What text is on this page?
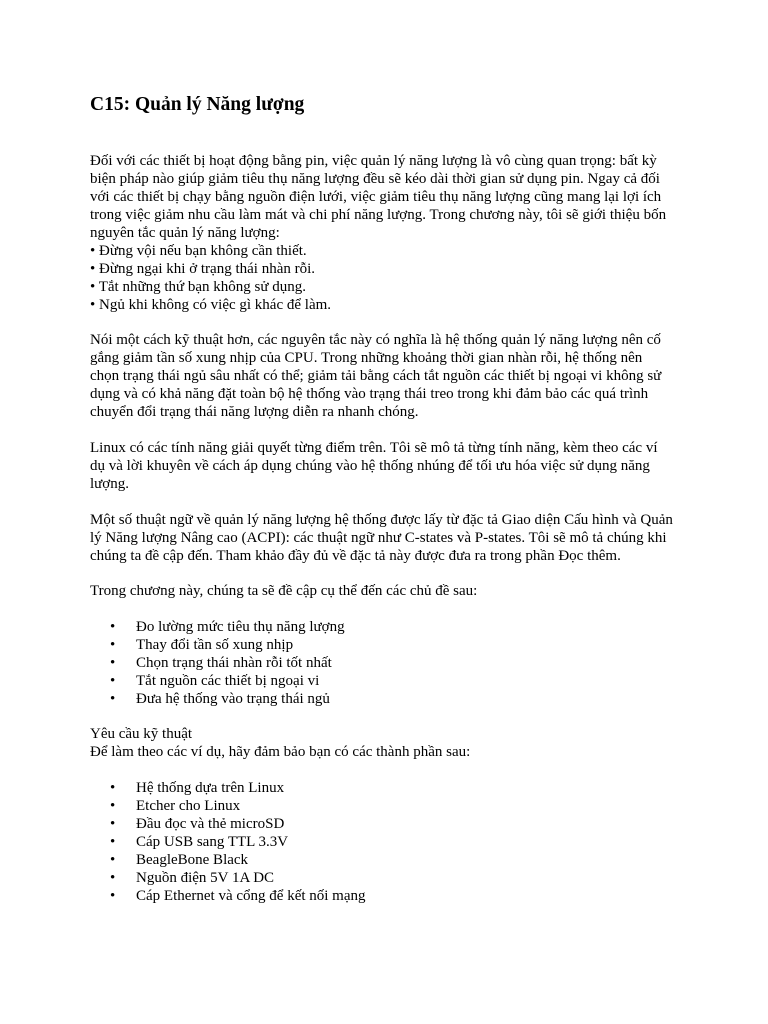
C15: Quản lý Năng lượng
Đối với các thiết bị hoạt động bằng pin, việc quản lý năng lượng là vô cùng quan trọng: bất kỳ
biện pháp nào giúp giảm tiêu thụ năng lượng đều sẽ kéo dài thời gian sử dụng pin. Ngay cả đối
với các thiết bị chạy bằng nguồn điện lưới, việc giảm tiêu thụ năng lượng cũng mang lại lợi ích
trong việc giảm nhu cầu làm mát và chi phí năng lượng. Trong chương này, tôi sẽ giới thiệu bốn
nguyên tắc quản lý năng lượng:
• Đừng vội nếu bạn không cần thiết.
• Đừng ngại khi ở trạng thái nhàn rỗi.
• Tắt những thứ bạn không sử dụng.
• Ngủ khi không có việc gì khác để làm.
Nói một cách kỹ thuật hơn, các nguyên tắc này có nghĩa là hệ thống quản lý năng lượng nên cố
gắng giảm tần số xung nhịp của CPU. Trong những khoảng thời gian nhàn rỗi, hệ thống nên
chọn trạng thái ngủ sâu nhất có thể; giảm tải bằng cách tắt nguồn các thiết bị ngoại vi không sử
dụng và có khả năng đặt toàn bộ hệ thống vào trạng thái treo trong khi đảm bảo các quá trình
chuyển đổi trạng thái năng lượng diễn ra nhanh chóng.
Linux có các tính năng giải quyết từng điểm trên. Tôi sẽ mô tả từng tính năng, kèm theo các ví
dụ và lời khuyên về cách áp dụng chúng vào hệ thống nhúng để tối ưu hóa việc sử dụng năng
lượng.
Một số thuật ngữ về quản lý năng lượng hệ thống được lấy từ đặc tả Giao diện Cấu hình và Quản
lý Năng lượng Nâng cao (ACPI): các thuật ngữ như C-states và P-states. Tôi sẽ mô tả chúng khi
chúng ta đề cập đến. Tham khảo đầy đủ về đặc tả này được đưa ra trong phần Đọc thêm.
Trong chương này, chúng ta sẽ đề cập cụ thể đến các chủ đề sau:
• Đo lường mức tiêu thụ năng lượng
• Thay đổi tần số xung nhịp
• Chọn trạng thái nhàn rỗi tốt nhất
• Tắt nguồn các thiết bị ngoại vi
• Đưa hệ thống vào trạng thái ngủ
Yêu cầu kỹ thuật
Để làm theo các ví dụ, hãy đảm bảo bạn có các thành phần sau:
• Hệ thống dựa trên Linux
• Etcher cho Linux
• Đầu đọc và thẻ microSD
• Cáp USB sang TTL 3.3V
• BeagleBone Black
• Nguồn điện 5V 1A DC
• Cáp Ethernet và cổng để kết nối mạng
